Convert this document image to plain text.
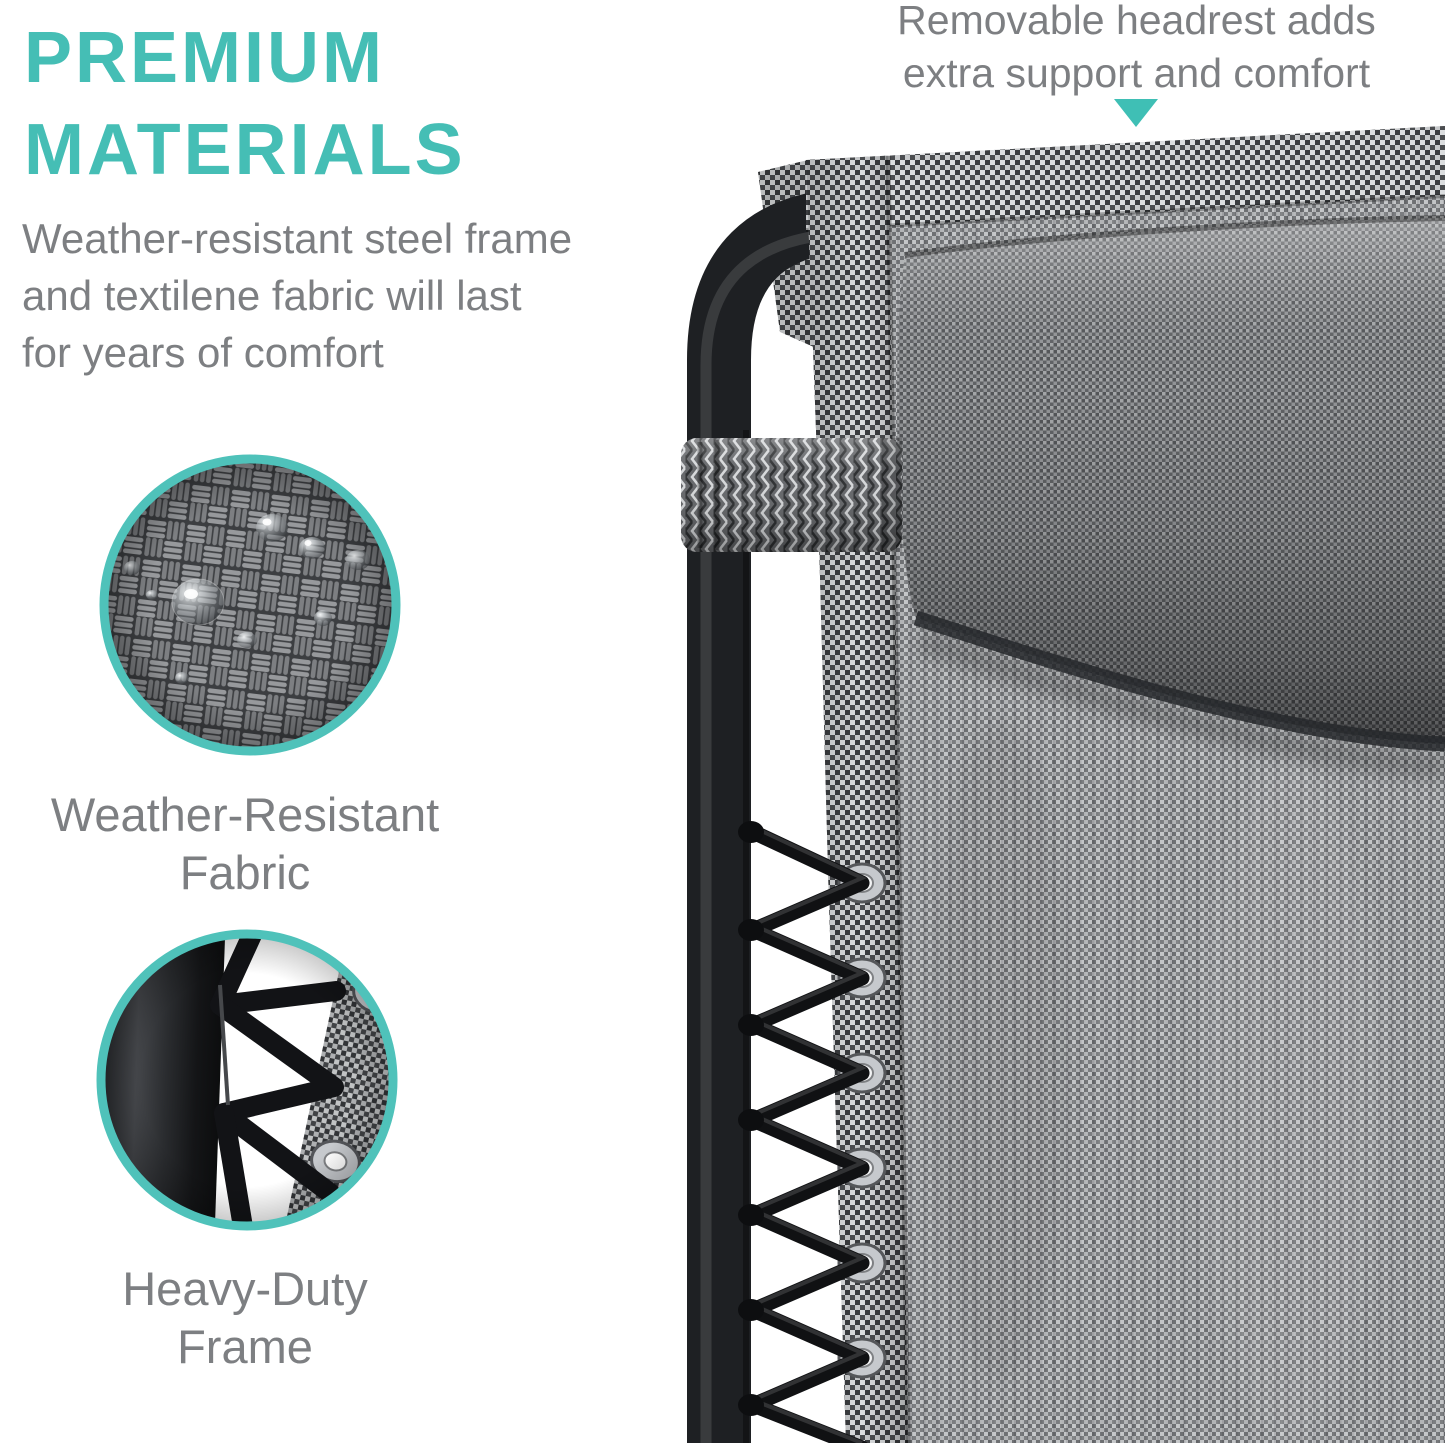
PREMIUM
MATERIALS
Weather-resistant steel frame
and textilene fabric will last
for years of comfort
Removable headrest adds
extra support and comfort
Weather-Resistant
Fabric
Heavy-Duty
Frame
